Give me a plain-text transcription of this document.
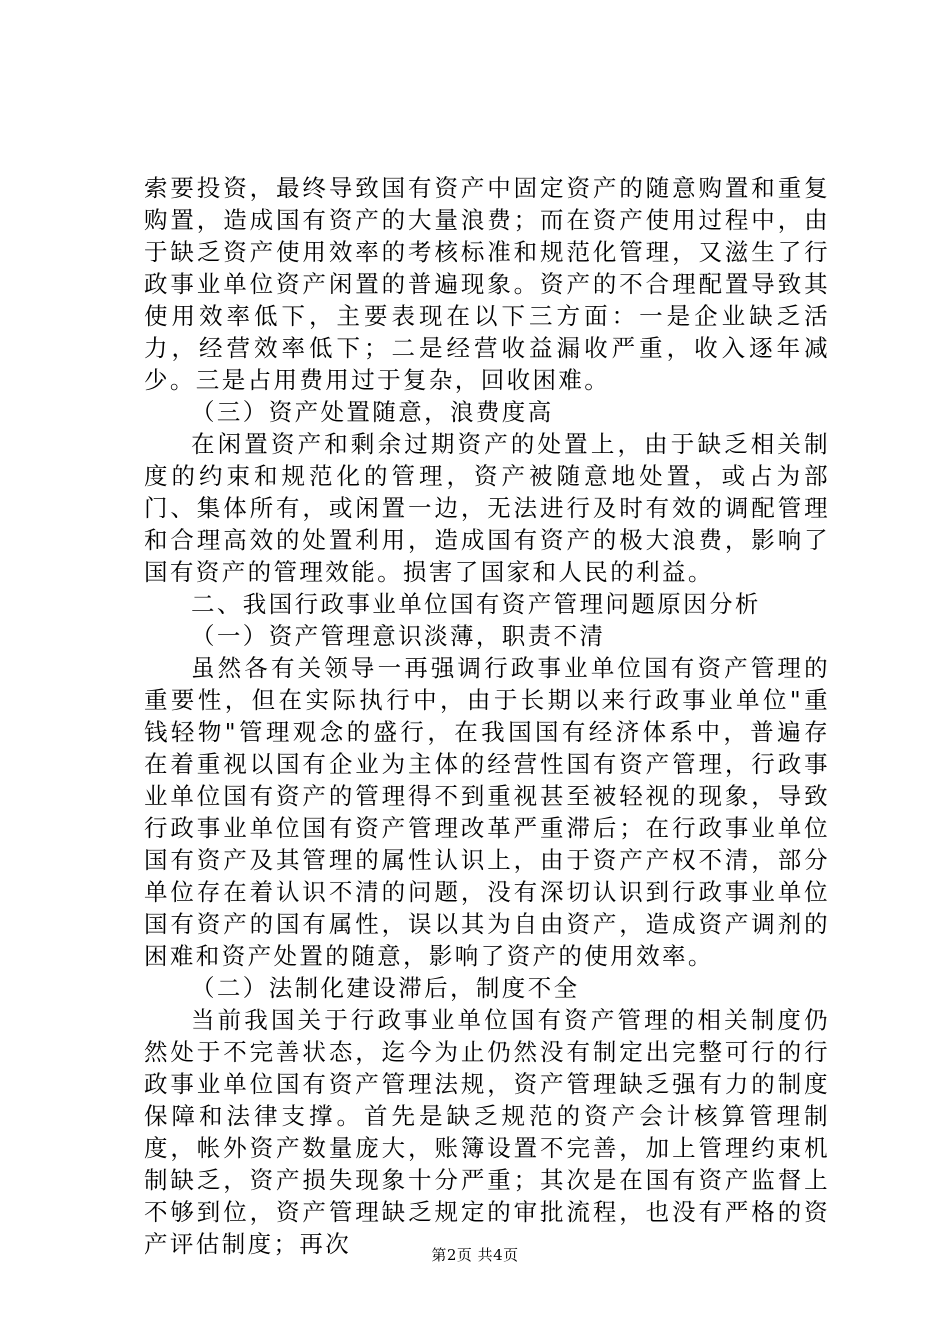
索要投资，最终导致国有资产中固定资产的随意购置和重复购置，造成国有资产的大量浪费；而在资产使用过程中，由于缺乏资产使用效率的考核标准和规范化管理，又滋生了行政事业单位资产闲置的普遍现象。资产的不合理配置导致其使用效率低下，主要表现在以下三方面：一是企业缺乏活力，经营效率低下；二是经营收益漏收严重，收入逐年减少。三是占用费用过于复杂，回收困难。

（三）资产处置随意，浪费度高

在闲置资产和剩余过期资产的处置上，由于缺乏相关制度的约束和规范化的管理，资产被随意地处置，或占为部门、集体所有，或闲置一边，无法进行及时有效的调配管理和合理高效的处置利用，造成国有资产的极大浪费，影响了国有资产的管理效能。损害了国家和人民的利益。

二、我国行政事业单位国有资产管理问题原因分析

（一）资产管理意识淡薄，职责不清

虽然各有关领导一再强调行政事业单位国有资产管理的重要性，但在实际执行中，由于长期以来行政事业单位"重钱轻物"管理观念的盛行，在我国国有经济体系中，普遍存在着重视以国有企业为主体的经营性国有资产管理，行政事业单位国有资产的管理得不到重视甚至被轻视的现象，导致行政事业单位国有资产管理改革严重滞后；在行政事业单位国有资产及其管理的属性认识上，由于资产产权不清，部分单位存在着认识不清的问题，没有深切认识到行政事业单位国有资产的国有属性，误以其为自由资产，造成资产调剂的困难和资产处置的随意，影响了资产的使用效率。

（二）法制化建设滞后，制度不全

当前我国关于行政事业单位国有资产管理的相关制度仍然处于不完善状态，迄今为止仍然没有制定出完整可行的行政事业单位国有资产管理法规，资产管理缺乏强有力的制度保障和法律支撑。首先是缺乏规范的资产会计核算管理制度，帐外资产数量庞大，账簿设置不完善，加上管理约束机制缺乏，资产损失现象十分严重；其次是在国有资产监督上不够到位，资产管理缺乏规定的审批流程，也没有严格的资产评估制度；再次	第2页 共4页
